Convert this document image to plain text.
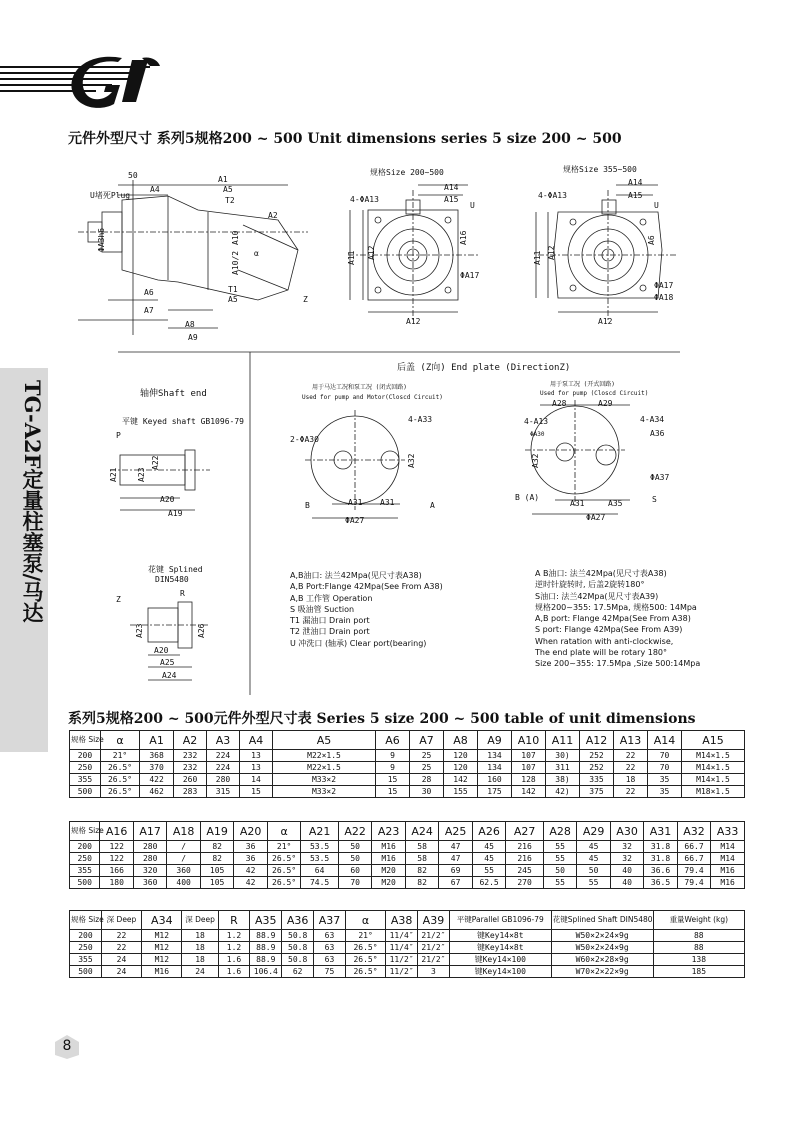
元件外型尺寸 系列5规格200 ~ 500 Unit dimensions series 5 size 200 ~ 500
TG-A2F定量柱塞泵/马达
50	A1
A4	A5
T2
A2
U堵死Plug
ΦA3h6	A10
A10/2 α
A6	T1
A5
A7
A8
A9
Z
规格Size 200~500	规格Size 355~500
A14
A15
4-ΦA13
U
A11 A12
A16
ΦA17
A12
A14
A15
4-ΦA13
U
A11 A12
A6
ΦA17
ΦA18
A12
后盖 (Z向) End plate (DirectionZ)
轴伸Shaft end
平键 Keyed shaft GB1096-79
花键 Splined
DIN5480
用于马达工况和泵工况 (闭式回路)
Used for pump and Motor(Closcd Circuit)
用于泵工况 (开式回路)
Used for pump (Closcd Circuit)
P
A21 A23
A22
A20
A19
Z
R
A23	A26
A20
A25
A24
2-ΦA30
4-A33
A32
B	A31 A31
ΦA27
A
A28	A29
4-A34
4-A13
A36
ΦA30
A32
ΦA37
B (A)
A31	A35	S
ΦA27
A,B油口: 法兰42Mpa(见尺寸表A38)
A,B Port:Flange 42Mpa(See From A38)
A,B 工作管 Operation
S 吸油管 Suction
T1 漏油口 Drain port
T2 泄油口 Drain port
U 冲洗口 (轴承) Clear port(bearing)
A B油口: 法兰42Mpa(见尺寸表A38)
逆时针旋转时, 后盖2旋转180°
S油口: 法兰42Mpa(见尺寸表A39)
规格200~355: 17.5Mpa, 规格500: 14Mpa
A,B port: Flange 42Mpa(See From A38)
S port: Flange 42Mpa(See From A39)
When ratation with anti-clockwise,
The end plate will be rotary 180°
Size 200~355: 17.5Mpa ,Size 500:14Mpa
系列5规格200 ~ 500元件外型尺寸表 Series 5 size 200 ~ 500 table of unit dimensions
规格 Size	α	A1	A2	A3	A4	A5	A6	A7	A8	A9	A10	A11	A12	A13	A14	A15
200	21°	368	232	224	13	M22×1.5	9	25	120	134	107	30)	252	22	70	M14×1.5
250	26.5°	370	232	224	13	M22×1.5	9	25	120	134	107	311	252	22	70	M14×1.5
355	26.5°	422	260	280	14	M33×2	15	28	142	160	128	38)	335	18	35	M14×1.5
500	26.5°	462	283	315	15	M33×2	15	30	155	175	142	42)	375	22	35	M18×1.5
规格 Size	A16	A17	A18	A19	A20	α	A21	A22	A23	A24	A25	A26	A27	A28	A29	A30	A31	A32	A33
200	122	280	/	82	36	21°	53.5	50	M16	58	47	45	216	55	45	32	31.8	66.7	M14
250	122	280	/	82	36	26.5°	53.5	50	M16	58	47	45	216	55	45	32	31.8	66.7	M14
355	166	320	360	105	42	26.5°	64	60	M20	82	69	55	245	50	50	40	36.6	79.4	M16
500	180	360	400	105	42	26.5°	74.5	70	M20	82	67	62.5	270	55	55	40	36.5	79.4	M16
规格 Size	深 Deep	A34	深 Deep	R	A35	A36	A37	α	A38	A39	平键Parallel GB1096-79	花键Splined Shaft DIN5480	重量Weight (kg)
200	22	M12	18	1.2	88.9	50.8	63	21°	11/4″	21/2″	键Key14×8t	W50×2×24×9g	88
250	22	M12	18	1.2	88.9	50.8	63	26.5°	11/4″	21/2″	键Key14×8t	W50×2×24×9g	88
355	24	M12	18	1.6	88.9	50.8	63	26.5°	11/2″	21/2″	键Key14×100	W60×2×28×9g	138
500	24	M16	24	1.6	106.4	62	75	26.5°	11/2″	3	键Key14×100	W70×2×22×9g	185
8
